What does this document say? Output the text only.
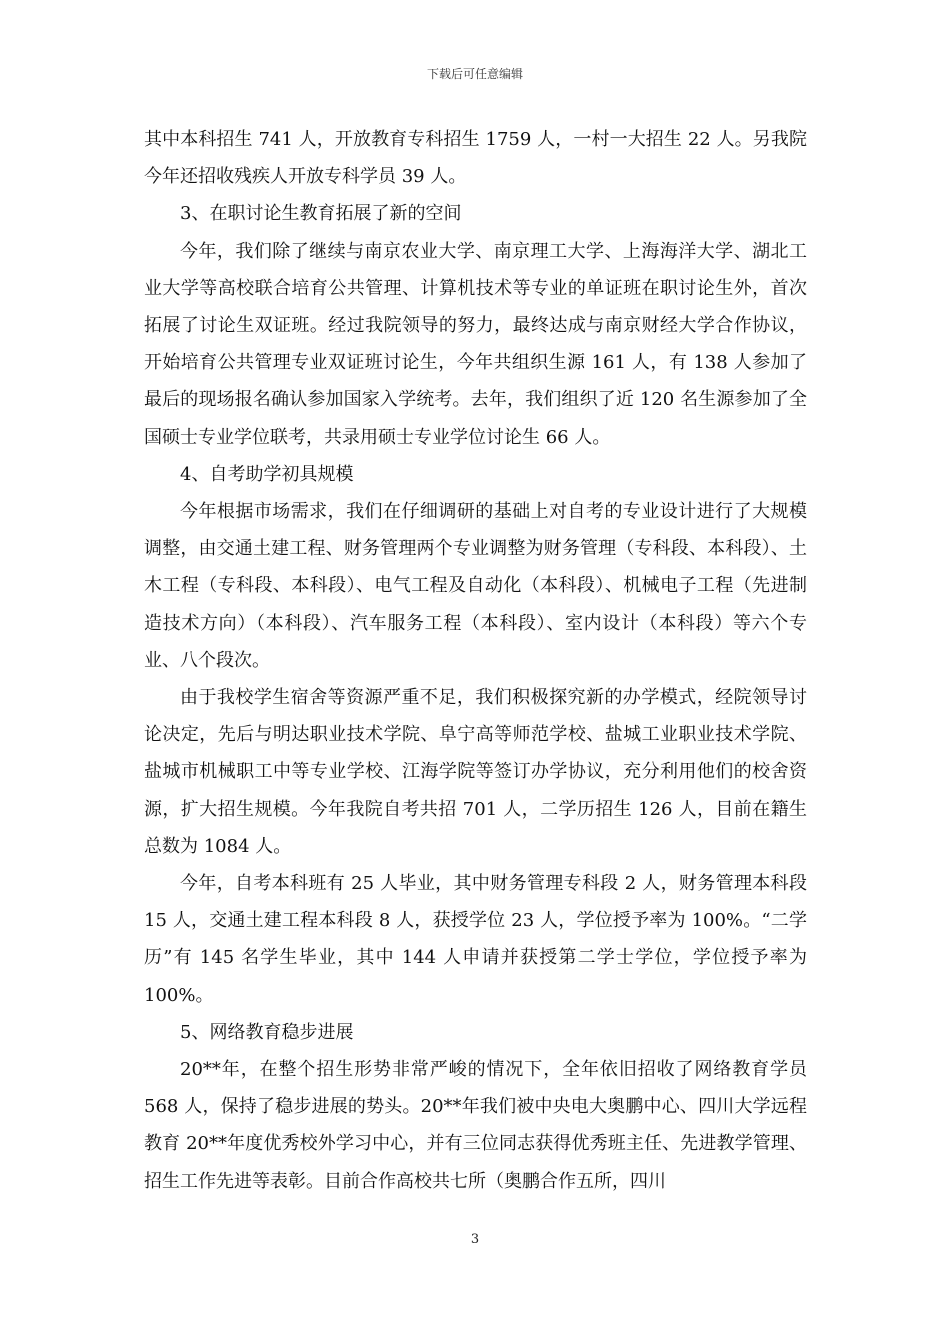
下载后可任意编辑

其中本科招生 741 人，开放教育专科招生 1759 人，一村一大招生 22 人。另我院今年还招收残疾人开放专科学员 39 人。

3、在职讨论生教育拓展了新的空间

今年，我们除了继续与南京农业大学、南京理工大学、上海海洋大学、湖北工业大学等高校联合培育公共管理、计算机技术等专业的单证班在职讨论生外，首次拓展了讨论生双证班。经过我院领导的努力，最终达成与南京财经大学合作协议，开始培育公共管理专业双证班讨论生，今年共组织生源 161 人，有 138 人参加了最后的现场报名确认参加国家入学统考。去年，我们组织了近 120 名生源参加了全国硕士专业学位联考，共录用硕士专业学位讨论生 66 人。

4、自考助学初具规模

今年根据市场需求，我们在仔细调研的基础上对自考的专业设计进行了大规模调整，由交通土建工程、财务管理两个专业调整为财务管理（专科段、本科段）、土木工程（专科段、本科段）、电气工程及自动化（本科段）、机械电子工程（先进制造技术方向）（本科段）、汽车服务工程（本科段）、室内设计（本科段）等六个专业、八个段次。

由于我校学生宿舍等资源严重不足，我们积极探究新的办学模式，经院领导讨论决定，先后与明达职业技术学院、阜宁高等师范学校、盐城工业职业技术学院、盐城市机械职工中等专业学校、江海学院等签订办学协议，充分利用他们的校舍资源，扩大招生规模。今年我院自考共招 701 人，二学历招生 126 人，目前在籍生总数为 1084 人。

今年，自考本科班有 25 人毕业，其中财务管理专科段 2 人，财务管理本科段 15 人，交通土建工程本科段 8 人，获授学位 23 人，学位授予率为 100%。“二学历”有 145 名学生毕业，其中 144 人申请并获授第二学士学位，学位授予率为 100%。

5、网络教育稳步进展

20**年，在整个招生形势非常严峻的情况下，全年依旧招收了网络教育学员 568 人，保持了稳步进展的势头。20**年我们被中央电大奥鹏中心、四川大学远程教育 20**年度优秀校外学习中心，并有三位同志获得优秀班主任、先进教学管理、招生工作先进等表彰。目前合作高校共七所（奥鹏合作五所，四川

3
